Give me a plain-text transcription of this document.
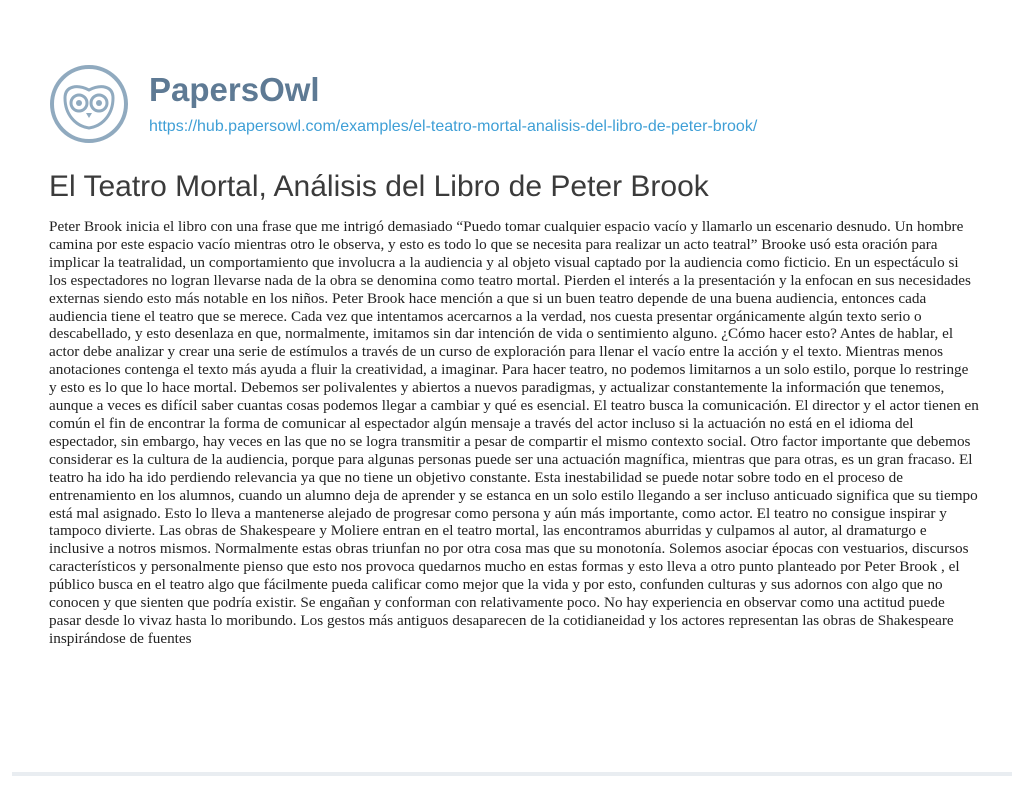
PapersOwl
https://hub.papersowl.com/examples/el-teatro-mortal-analisis-del-libro-de-peter-brook/
El Teatro Mortal, Análisis del Libro de Peter Brook

Peter Brook inicia el libro con una frase que me intrigó demasiado “Puedo tomar cualquier espacio vacío y llamarlo un escenario desnudo. Un hombre camina por este espacio vacío mientras otro le observa, y esto es todo lo que se necesita para realizar un acto teatral” Brooke usó esta oración para implicar la teatralidad, un comportamiento que involucra a la audiencia y al objeto visual captado por la audiencia como ficticio. En un espectáculo si los espectadores no logran llevarse nada de la obra se denomina como teatro mortal. Pierden el interés a la presentación y la enfocan en sus necesidades externas siendo esto más notable en los niños. Peter Brook hace mención a que si un buen teatro depende de una buena audiencia, entonces cada audiencia tiene el teatro que se merece. Cada vez que intentamos acercarnos a la verdad, nos cuesta presentar orgánicamente algún texto serio o descabellado, y esto desenlaza en que, normalmente, imitamos sin dar intención de vida o sentimiento alguno. ¿Cómo hacer esto? Antes de hablar, el actor debe analizar y crear una serie de estímulos a través de un curso de exploración para llenar el vacío entre la acción y el texto. Mientras menos anotaciones contenga el texto más ayuda a fluir la creatividad, a imaginar. Para hacer teatro, no podemos limitarnos a un solo estilo, porque lo restringe y esto es lo que lo hace mortal. Debemos ser polivalentes y abiertos a nuevos paradigmas, y actualizar constantemente la información que tenemos, aunque a veces es difícil saber cuantas cosas podemos llegar a cambiar y qué es esencial. El teatro busca la comunicación. El director y el actor tienen en común el fin de encontrar la forma de comunicar al espectador algún mensaje a través del actor incluso si la actuación no está en el idioma del espectador, sin embargo, hay veces en las que no se logra transmitir a pesar de compartir el mismo contexto social. Otro factor importante que debemos considerar es la cultura de la audiencia, porque para algunas personas puede ser una actuación magnífica, mientras que para otras, es un gran fracaso. El teatro ha ido ha ido perdiendo relevancia ya que no tiene un objetivo constante. Esta inestabilidad se puede notar sobre todo en el proceso de entrenamiento en los alumnos, cuando un alumno deja de aprender y se estanca en un solo estilo llegando a ser incluso anticuado significa que su tiempo está mal asignado. Esto lo lleva a mantenerse alejado de progresar como persona y aún más importante, como actor. El teatro no consigue inspirar y tampoco divierte. Las obras de Shakespeare y Moliere entran en el teatro mortal, las encontramos aburridas y culpamos al autor, al dramaturgo e inclusive a notros mismos. Normalmente estas obras triunfan no por otra cosa mas que su monotonía. Solemos asociar épocas con vestuarios, discursos característicos y personalmente pienso que esto nos provoca quedarnos mucho en estas formas y esto lleva a otro punto planteado por Peter Brook , el público busca en el teatro algo que fácilmente pueda calificar como mejor que la vida y por esto, confunden culturas y sus adornos con algo que no conocen y que sienten que podría existir. Se engañan y conforman con relativamente poco. No hay experiencia en observar como una actitud puede pasar desde lo vivaz hasta lo moribundo. Los gestos más antiguos desaparecen de la cotidianeidad y los actores representan las obras de Shakespeare inspirándose de fuentes
